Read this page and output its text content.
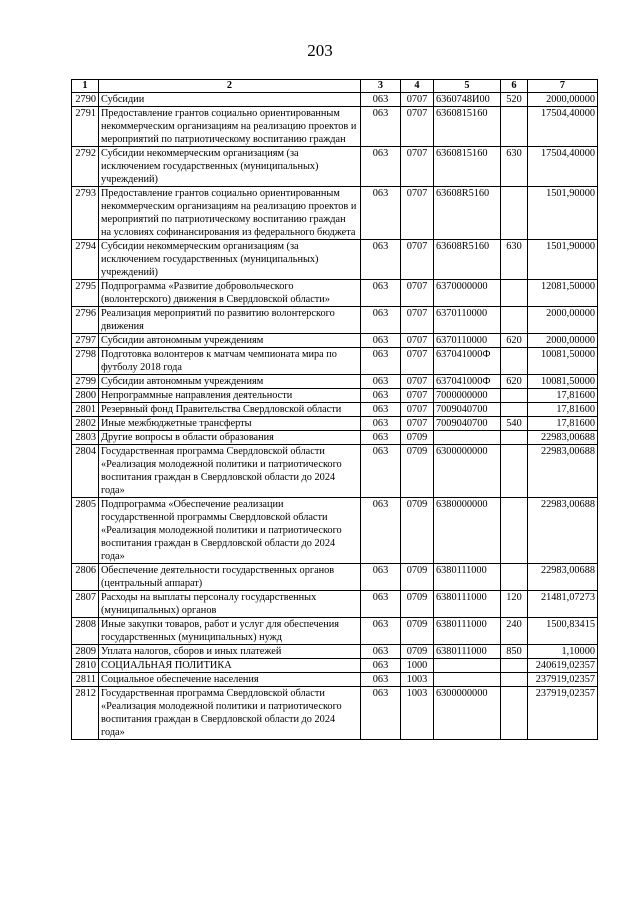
203
1	2	3	4	5	6	7
2790	Субсидии	063	0707	6360748И00	520	2000,00000
2791	Предоставление грантов социально ориентированным некоммерческим организациям на реализацию проектов и мероприятий по патриотическому воспитанию граждан	063	0707	6360815160		17504,40000
2792	Субсидии некоммерческим организациям (за исключением государственных (муниципальных) учреждений)	063	0707	6360815160	630	17504,40000
2793	Предоставление грантов социально ориентированным некоммерческим организациям на реализацию проектов и мероприятий по патриотическому воспитанию граждан на условиях софинансирования из федерального бюджета	063	0707	63608R5160		1501,90000
2794	Субсидии некоммерческим организациям (за исключением государственных (муниципальных) учреждений)	063	0707	63608R5160	630	1501,90000
2795	Подпрограмма «Развитие добровольческого (волонтерского) движения в Свердловской области»	063	0707	6370000000		12081,50000
2796	Реализация мероприятий по развитию волонтерского движения	063	0707	6370110000		2000,00000
2797	Субсидии автономным учреждениям	063	0707	6370110000	620	2000,00000
2798	Подготовка волонтеров к матчам чемпионата мира по футболу 2018 года	063	0707	637041000Ф		10081,50000
2799	Субсидии автономным учреждениям	063	0707	637041000Ф	620	10081,50000
2800	Непрограммные направления деятельности	063	0707	7000000000		17,81600
2801	Резервный фонд Правительства Свердловской области	063	0707	7009040700		17,81600
2802	Иные межбюджетные трансферты	063	0707	7009040700	540	17,81600
2803	Другие вопросы в области образования	063	0709			22983,00688
2804	Государственная программа Свердловской области «Реализация молодежной политики и патриотического воспитания граждан в Свердловской области до 2024 года»	063	0709	6300000000		22983,00688
2805	Подпрограмма «Обеспечение реализации государственной программы Свердловской области «Реализация молодежной политики и патриотического воспитания граждан в Свердловской области до 2024 года»	063	0709	6380000000		22983,00688
2806	Обеспечение деятельности государственных органов (центральный аппарат)	063	0709	6380111000		22983,00688
2807	Расходы на выплаты персоналу государственных (муниципальных) органов	063	0709	6380111000	120	21481,07273
2808	Иные закупки товаров, работ и услуг для обеспечения государственных (муниципальных) нужд	063	0709	6380111000	240	1500,83415
2809	Уплата налогов, сборов и иных платежей	063	0709	6380111000	850	1,10000
2810	СОЦИАЛЬНАЯ ПОЛИТИКА	063	1000			240619,02357
2811	Социальное обеспечение населения	063	1003			237919,02357
2812	Государственная программа Свердловской области «Реализация молодежной политики и патриотического воспитания граждан в Свердловской области до 2024 года»	063	1003	6300000000		237919,02357
